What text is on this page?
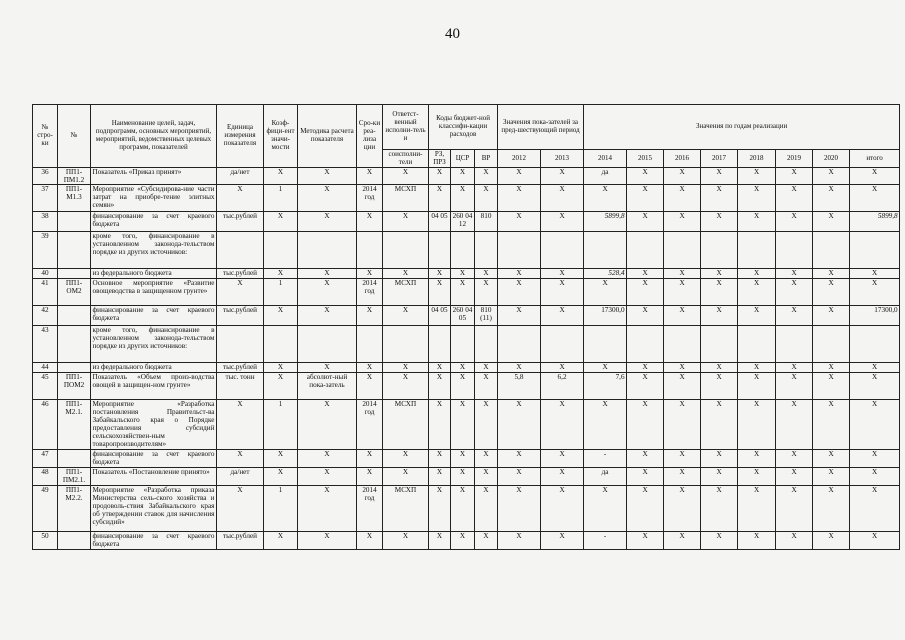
40
№ стро-ки	№	Наименование целей, задач, подпрограмм, основных мероприятий, мероприятий, ведомственных целевых программ, показателей	Единица измерения показателя	Коэф-фици-ент значи-мости	Методика расчета показателя	Сро-ки реа-лиза ции	Ответст-венный исполни-тель и	Коды бюджет-ной классифи-кации расходов			Значения пока-зателей за пред-шествующий период		Значения по годам реализации							
							соисполни-тели	РЗ, ПРЗ	ЦСР	ВР	2012	2013	2014	2015	2016	2017	2018	2019	2020	итого
36	ПП1-ПМ1.2	Показатель «Приказ принят»	да/нет	X	X	X	X	X	X	X	X	X	да	X	X	X	X	X	X	X
37	ПП1-М1.3	Мероприятие «Субсидирова-ние части затрат на приобре-тение элитных семян»	X	1	X	2014 год	МСХП	X	X	X	X	X	X	X	X	X	X	X	X	X
38		финансирование за счет краевого бюджета	тыс.рублей	X	X	X	X	04 05	260 04 12	810	X	X	5899,8	X	X	X	X	X	X	5899,8
39		кроме того, финансирование в установленном законода-тельством порядке из других источников:																		
40		из федерального бюджета	тыс.рублей	X	X	X	X	X	X	X	X	X	528,4	X	X	X	X	X	X	X
41	ПП1-ОМ2	Основное мероприятие «Развитие овощеводства в защищенном грунте»	X	1	X	2014 год	МСХП	X	X	X	X	X	X	X	X	X	X	X	X	X
42		финансирование за счет краевого бюджета	тыс.рублей	X	X	X	X	04 05	260 04 05	810 (11)	X	X	17300,0	X	X	X	X	X	X	17300,0
43		кроме того, финансирование в установленном законода-тельством порядке из других источников:																		
44		из федерального бюджета	тыс.рублей	X	X	X	X	X	X	X	X	X	X	X	X	X	X	X	X	X
45	ПП1-ПОМ2	Показатель «Объем произ-водства овощей в защищен-ном грунте»	тыс. тонн	X	абсолют-ный пока-затель	X	X	X	X	X	5,8	6,2	7,6	X	X	X	X	X	X	X
46	ПП1-М2.1.	Мероприятие «Разработка постановления Правительст-ва Забайкальского края о Порядке предоставления субсидий сельскохозяйствен-ным товаропроизводителям»	X	1	X	2014 год	МСХП	X	X	X	X	X	X	X	X	X	X	X	X	X
47		финансирование за счет краевого бюджета	X	X	X	X	X	X	X	X	X	X	-	X	X	X	X	X	X	X
48	ПП1-ПМ2.1.	Показатель «Постановление принято»	да/нет	X	X	X	X	X	X	X	X	X	да	X	X	X	X	X	X	X
49	ПП1-М2.2.	Мероприятие «Разработка приказа Министерства сель-ского хозяйства и продоволь-ствия Забайкальского края об утверждении ставок для начисления субсидий»	X	1	X	2014 год	МСХП	X	X	X	X	X	X	X	X	X	X	X	X	X
50		финансирование за счет краевого бюджета	тыс.рублей	X	X	X	X	X	X	X	X	X	-	X	X	X	X	X	X	X
